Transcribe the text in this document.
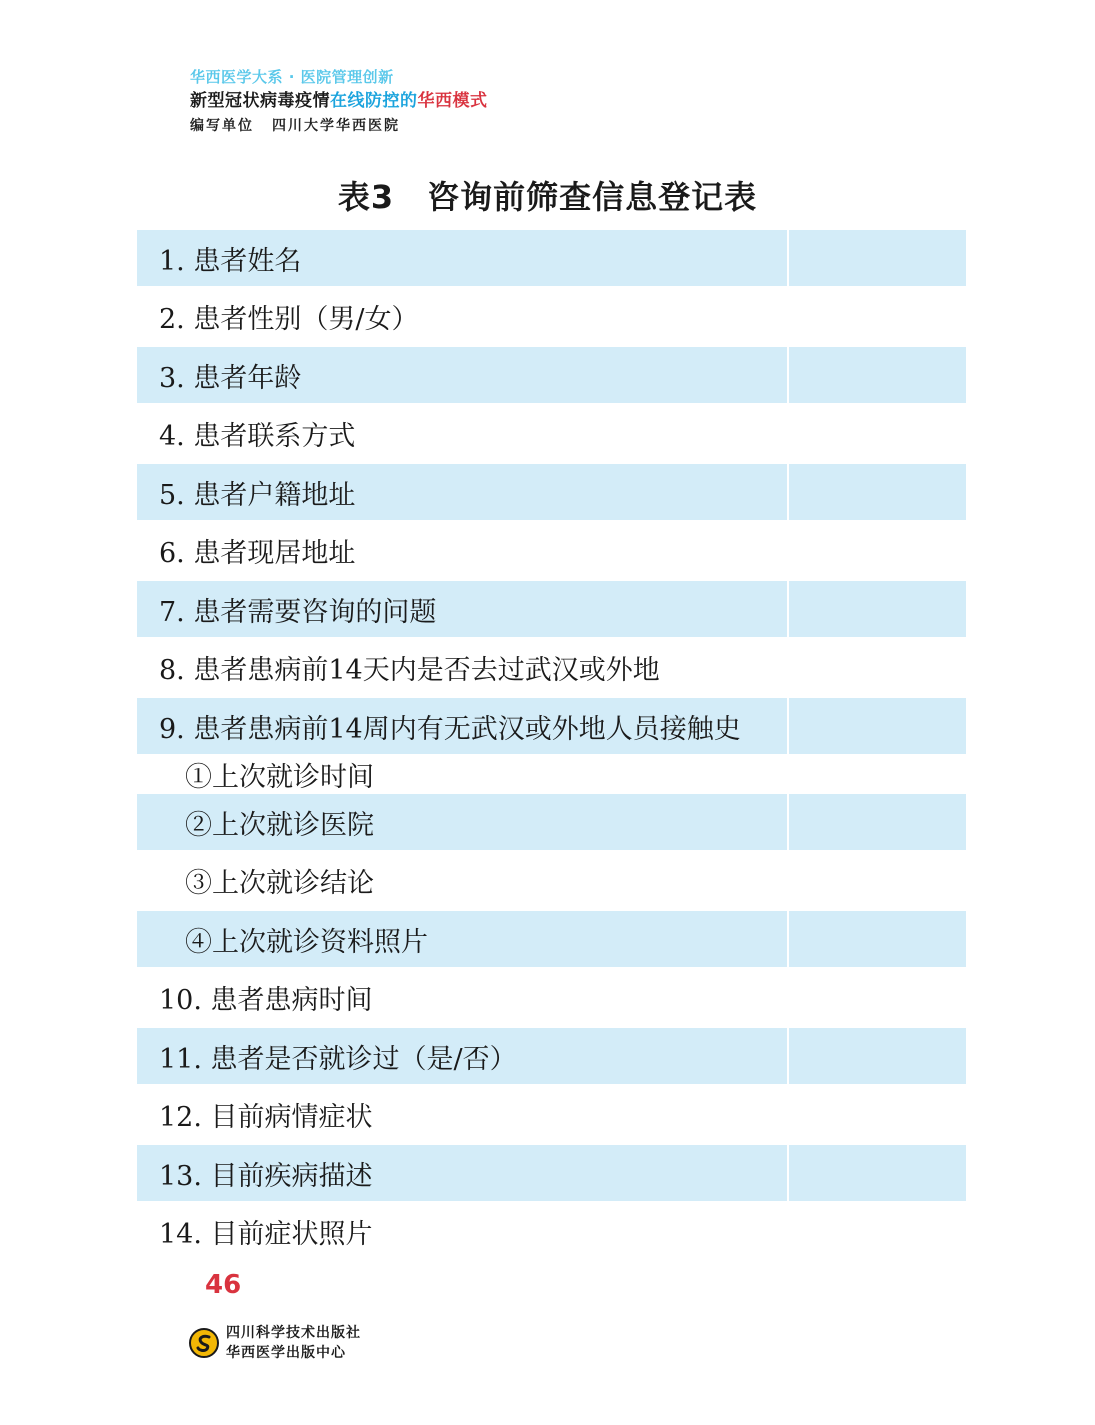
华西医学大系 · 医院管理创新
新型冠状病毒疫情在线防控的华西模式
编写单位 四川大学华西医院
表3　咨询前筛查信息登记表
1. 患者姓名
2. 患者性别（男/女）
3. 患者年龄
4. 患者联系方式
5. 患者户籍地址
6. 患者现居地址
7. 患者需要咨询的问题
8. 患者患病前14天内是否去过武汉或外地
9. 患者患病前14周内有无武汉或外地人员接触史
①上次就诊时间
②上次就诊医院
③上次就诊结论
④上次就诊资料照片
10. 患者患病时间
11. 患者是否就诊过（是/否）
12. 目前病情症状
13. 目前疾病描述
14. 目前症状照片
46
四川科学技术出版社
华西医学出版中心
